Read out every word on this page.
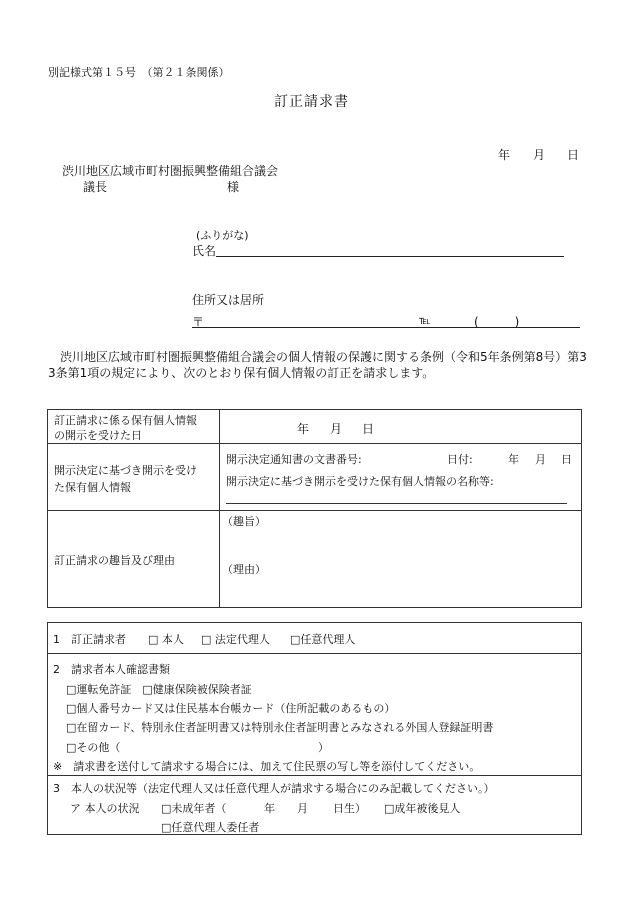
別記様式第１５号　（第２１条関係）
訂正請求書
年 月 日
渋川地区広域市町村圏振興整備組合議会
議長	様
(ふりがな)
氏名
住所又は居所
〒	℡	(　　　)
渋川地区広域市町村圏振興整備組合議会の個人情報の保護に関する条例（令和5年条例第8号）第3
3条第1項の規定により、次のとおり保有個人情報の訂正を請求します。
訂正請求に係る保有個人情報
の開示を受けた日	年 月 日
開示決定に基づき開示を受け
た保有個人情報
開示決定通知書の文書番号:	日付:	年 月 日
開示決定に基づき開示を受けた保有個人情報の名称等:
訂正請求の趣旨及び理由
（趣旨）
（理由）
1　訂正請求者 □ 本人 □ 法定代理人 □任意代理人
2　請求者本人確認書類
□運転免許証　□健康保険被保険者証
□個人番号カード又は住民基本台帳カード（住所記載のあるもの）
□在留カード、特別永住者証明書又は特別永住者証明書とみなされる外国人登録証明書
□その他（	）
※　請求書を送付して請求する場合には、加えて住民票の写し等を添付してください。
3　本人の状況等（法定代理人又は任意代理人が請求する場合にのみ記載してください。）
ア 本人の状況 □未成年者（	年 月 日生） □成年被後見人
□任意代理人委任者
